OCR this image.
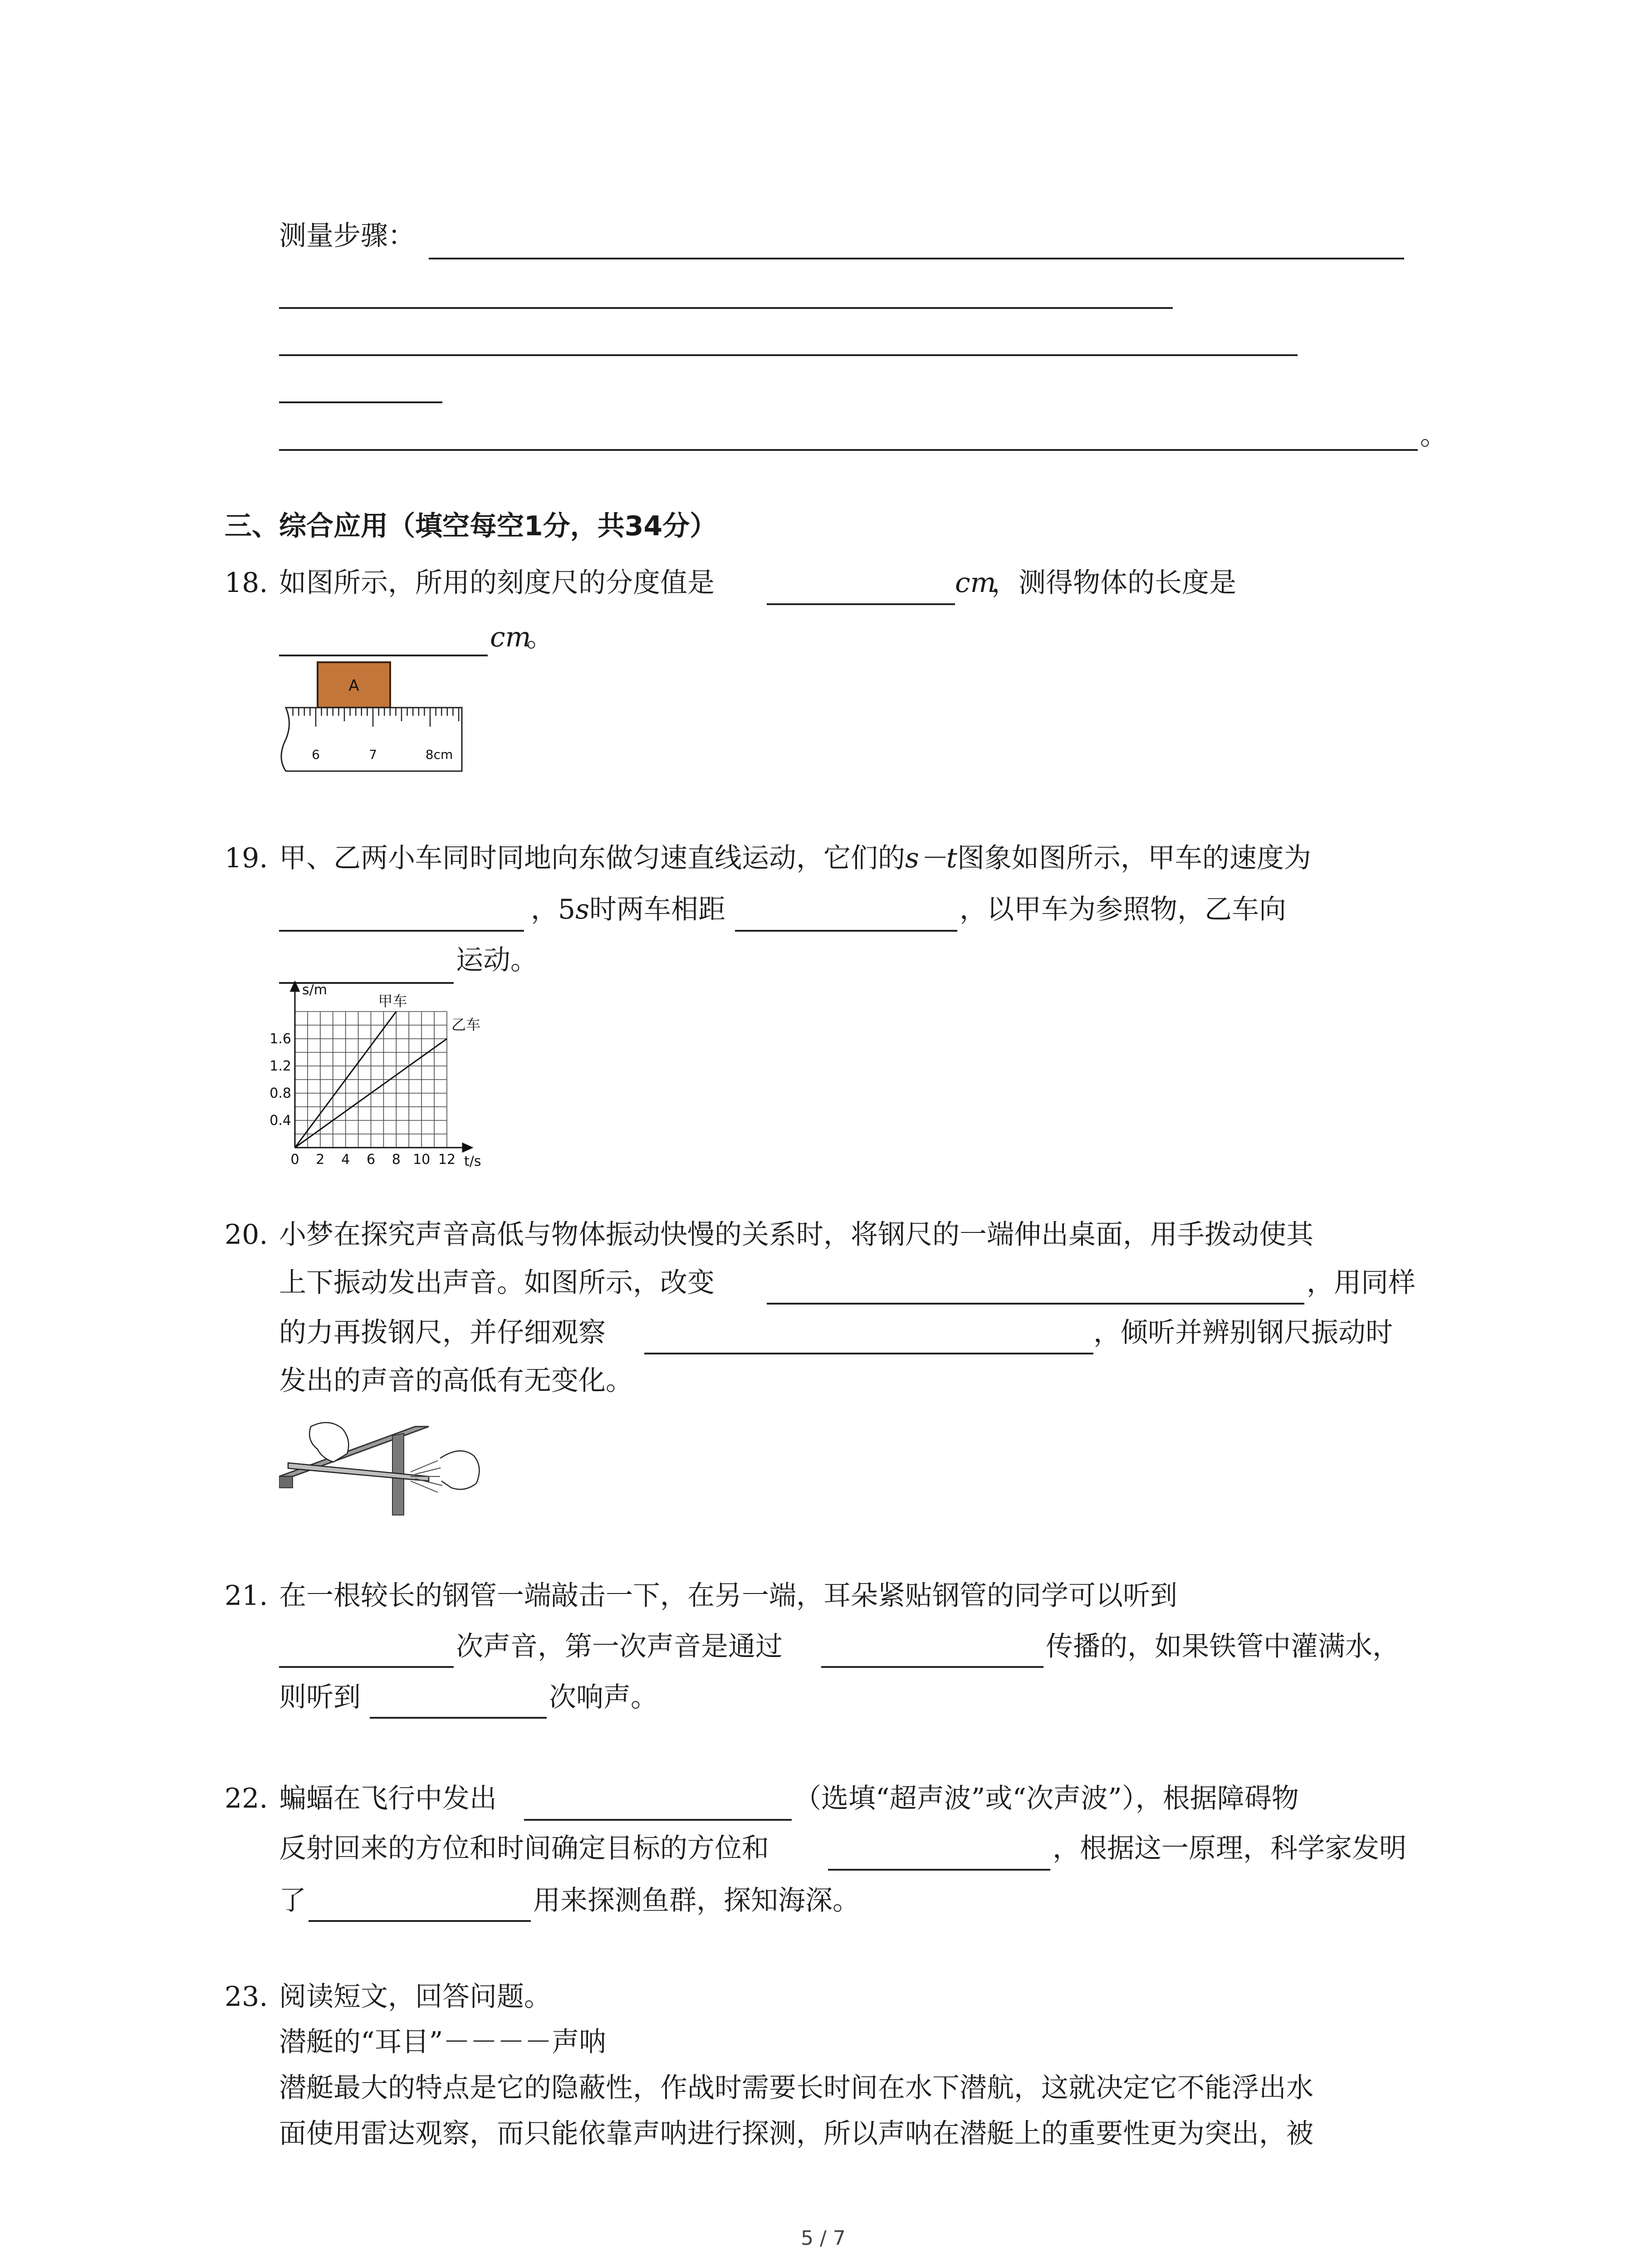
测量步骤：
。
三、综合应用（填空每空1分，共34分）
18. 如图所示，所用的刻度尺的分度值是	cm
，测得物体的长度是
cm
。
A
6	7	8cm
19. 甲、乙两小车同时同地向东做匀速直线运动，它们的s－t图象如图所示，甲车的速度为
，5s时两车相距	，以甲车为参照物，乙车向
运动。
甲车
乙车
0 2 4 6 8 10 12
0.4
0.8
1.2
1.6
s/m
t/s
20. 小梦在探究声音高低与物体振动快慢的关系时，将钢尺的一端伸出桌面，用手拨动使其
上下振动发出声音。如图所示，改变	，用同样
的力再拨钢尺，并仔细观察	，倾听并辨别钢尺振动时
发出的声音的高低有无变化。
21. 在一根较长的钢管一端敲击一下，在另一端，耳朵紧贴钢管的同学可以听到
次声音，第一次声音是通过	传播的，如果铁管中灌满水，
则听到	次响声。
22. 蝙蝠在飞行中发出	（选填“超声波”或“次声波”），根据障碍物
反射回来的方位和时间确定目标的方位和	，根据这一原理，科学家发明
了	用来探测鱼群，探知海深。
23. 阅读短文，回答问题。
潜艇的“耳目”－－－－声呐
潜艇最大的特点是它的隐蔽性，作战时需要长时间在水下潜航，这就决定它不能浮出水
面使用雷达观察，而只能依靠声呐进行探测，所以声呐在潜艇上的重要性更为突出，被
5 / 7
